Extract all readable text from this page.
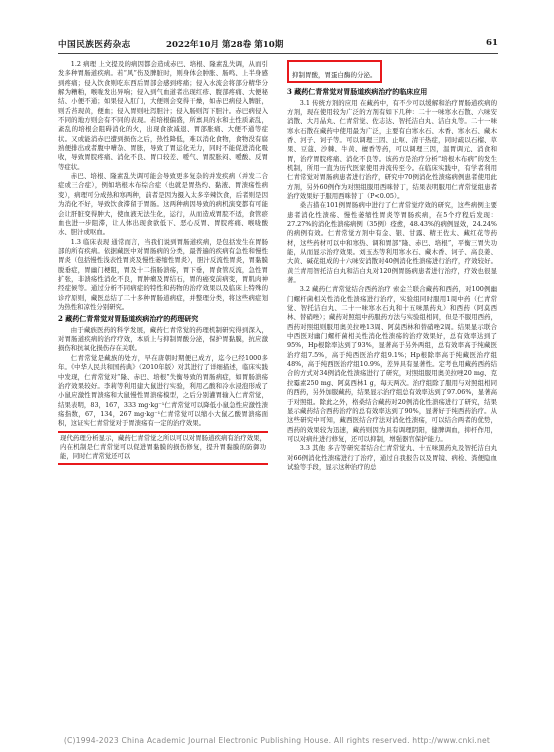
中国民族医药杂志	2022年10月 第28卷 第10期	61

1.2 病理 上文提及的病因都会造成赤巴、培根、隆素乱失调，从而引发多种胃肠道疾病。若“风”伤及脾脏时，则身体会肿胀、肠鸣、上半身感到疼痛；侵入饮食则吃东西后胃部会感到疼痛；侵入水流会将部分精华分解为糟粕，喉咙发出异响；侵入到气血道者出现红疹、腹部疼痛、大便秘结、小便不通；如果侵入肛门，大便则会变得干燥，如赤巴病侵入脾脏，则舌苔现黄，便血；侵入胃则吐泻胆汁；侵入肠则泻下胆汁。赤巴病侵入不同的地方则会有不同的表现。若培根偏盛，所禀具的水和土性质紊乱，紊乱的培根会阻碍消化的火，出现食欲减退、胃部胀痛、大便不通等症状。又或能消赤巴遭到损伤之后，热性降低，难以消化食物，食物没有腐熟便排出或者腹中嘈杂、胃胀，导致了胃运化无力，同时不能促进消化吸收，导致胃脘疼痛、消化不良、胃口较差、嗳气、胃脘胀闷、嗳酸、反胃等症状。

赤巴、培根、隆素乱失调可能会导致更多复杂的并发疾病（并发二合症或三合症），例如培根木布综合症（也就是胃热灼、黏液、胃溃疡性病变），病理可分成热和寒两种，前者是因为摄入太多辛辣饮食，后者则是因为消化不好，导致饮食滞留于胃肠。这两种病因导致的病机演变都有可能会让肝脏变得肿大，使血液无法生化，运行，从而造成胃脘不适，食管瘀血也进一步阻滞，让人体出现食欲低下、恶心反胃、胃脘疼痛、喉咙酸水、胆汁或呕血。

1.3 临床表现 通常而言，当我们说到胃肠道疾病，是包括发生在胃肠部的所有疾病。依据藏医中对胃肠病的分类，最普遍的疾病有急性和慢性胃炎（包括慢性浅表性胃炎及慢性萎缩性胃炎），胆汁反流性胃炎，胃黏膜脱垂症，胃幽门梗阻，胃及十二指肠溃疡，胃下垂，胃食管反流，急性胃扩张，非溃疡性消化不良，胃肿瘤及胃结石，胃的癌变前病变，胃肌肉神经症候等。通过分析不同病症的特性和药物的治疗效果以及临床上特殊的诊疗原则，藏医总结了二十多种胃肠道病症，并整理分类，将这些病症划为热性和凉性分别研究。

2 藏药仁青常觉对胃肠道疾病治疗的药理研究

由于藏族医药的科学发展，藏药仁青常觉的药理机制研究得到深入，对胃肠道疾病的治疗疗效，本质上与抑制胃酸分泌，保护胃黏膜，抗应激损伤和抗氧化损伤存在关联。

仁青常觉是藏族的处方，早在唐朝时期便已成方，迄今已经1000多年。《中华人民共和国药典》（2010年版）对其进行了详细描述，临床实践中发现，仁青常觉对“隆、赤巴、培根”失衡导致的胃肠病症，如胃肠溃疡治疗效果较好。李莉等利用建大鼠进行实验，利用乙酸和冷水浸泡形成了小鼠应激性胃溃疡和大鼠慢性胃溃疡模型，之后分别灌胃输入仁青常觉，结果表明，83，167，333 mg·kg⁻¹仁青常觉可以降低小鼠急性应激性溃疡指数，67，134，267 mg·kg⁻¹仁青常觉可以缩小大鼠乙酸胃溃疡面积，这证实仁青常觉对于胃溃疡有一定的治疗效果。

现代药理分析显示，藏药仁青常觉之所以可以对胃肠道疾病有治疗效果，内在机制是仁青常觉可以促进胃黏膜的损伤修复，提升胃黏膜的防御功能，同时仁青常觉还可以

抑制胃酸，胃蛋白酶的分泌。
3 藏药仁青常觉对胃肠道疾病治疗的临床应用

3.1 传统方剂的应用 在藏药中，有不少可以缓解和治疗胃肠道疾病的方剂，现在使用较为广泛的方剂有如下几种：二十一味寒水石散、六味安消散、大月晶丸、仁青常觉、佐志达、智托洁白丸、洁白丸等。二十一味寒水石散在藏药中使用最为广泛，主要有白寒水石、木香、寒水石、藏木香、河子、诃子等。可以调理三因、止呕、清干热症，同时疏以石榴、草果、豆蔻、沙棘、牛黄、檀香等药，可以调理三因，温胃调元、消食和胃，治疗胃脘疼痛、消化不良等。该药方是治疗分析“培根木布病”的发生机制，所用一直为历代医家使用并流传至今。在临床实践中，有学者利用仁青常觉对胃肠病患者进行治疗，研究中70例消化性溃疡病例患者使用此方剂，另外60例作为对照组服用西咪替丁，结果表明服用仁青常觉组患者治疗效果好于服用西咪替丁（P<0.05）。

桑吉措在101例胃肠病中进行了仁青常觉疗效的研究，这些病例主要患者消化性溃疡、慢性萎缩性胃炎等胃肠疾病，在5个疗程后发现：27.27%的消化性溃疡病例（35例）痊愈，48.43%的病例显效，24.24%的病例有效。仁青常觉方剂中有金、银、甘露、精王佐太、藏红花等药材，这些药材可以中和寒热、调和胃部“隆、赤巴、培根”，平衡三胃失功能，从而显示治疗效果。刘玉杰等利用寒水石、藏木香、诃子、高良姜、大黄、碱花组成的十六味安消散对40例消化性溃疡进行治疗，疗效较好。黄兰青用智托洁白丸和洁白丸对120例胃肠病患者进行治疗，疗效也很显著。

3.2 藏药仁青常觉结合西药治疗 索金兰联合藏药和西药，对100例幽门螺杆菌相关性消化性溃疡进行治疗，实验组同时服用1周中药（仁青常觉、智托洁白丸、二十一味寒水石丸和十五味黑药丸）和西药（阿莫西林、替硝唑）；藏药对照组中药服药方法与实验组相同，但是不服用西药，西药对照组则服用奥美拉唑13周、阿莫西林和替硝唑2周。结果显示联合中西医对幽门螺杆菌相关性消化性溃疡的治疗效果好，总有效率达到了95%，Hp根除率达到了93%，显著高于另外两组，总有效率高于纯藏医治疗组7.5%，高于纯西医治疗组9.1%；Hp根除率高于纯藏医治疗组48%，高于纯西医治疗组10.9%，差异具有显著性。定考也用藏药西药结合的方式对34例消化性溃疡进行了研究，对照组服用奥美拉唑20 mg、克拉霉素250 mg、阿莫西林1 g，每天两次。治疗组除了服用与对照组相同的西药，另外加服藏药，结果显示治疗组总有效率达到了97.06%，显著高于对照组。除此之外，格桑结合藏药对20例消化性溃疡进行了研究，结果显示藏药结合西药治疗的总有效率达到了90%，显著好于纯西药治疗。从这些研究中可知，藏西医结合疗法对消化性溃疡，可以结合两者的优势，西药的效果较为迅速，藏药则因为具有调理阴阳，健脾调血，抑杆作用，可以对病灶进行修复，还可以抑制，增强器官保护能力。

3.3 其他 多吉等研究者结合仁青常觉丸、十五味黑药丸及智托洁白丸对66例消化性溃疡进行了治疗，通过自我报告以及胃镜、病检、粪便隐血试验等手段，显示这种治疗的总

(C)1994-2023 China Academic Journal Electronic Publishing House. All rights reserved. http://www.cnki.net
